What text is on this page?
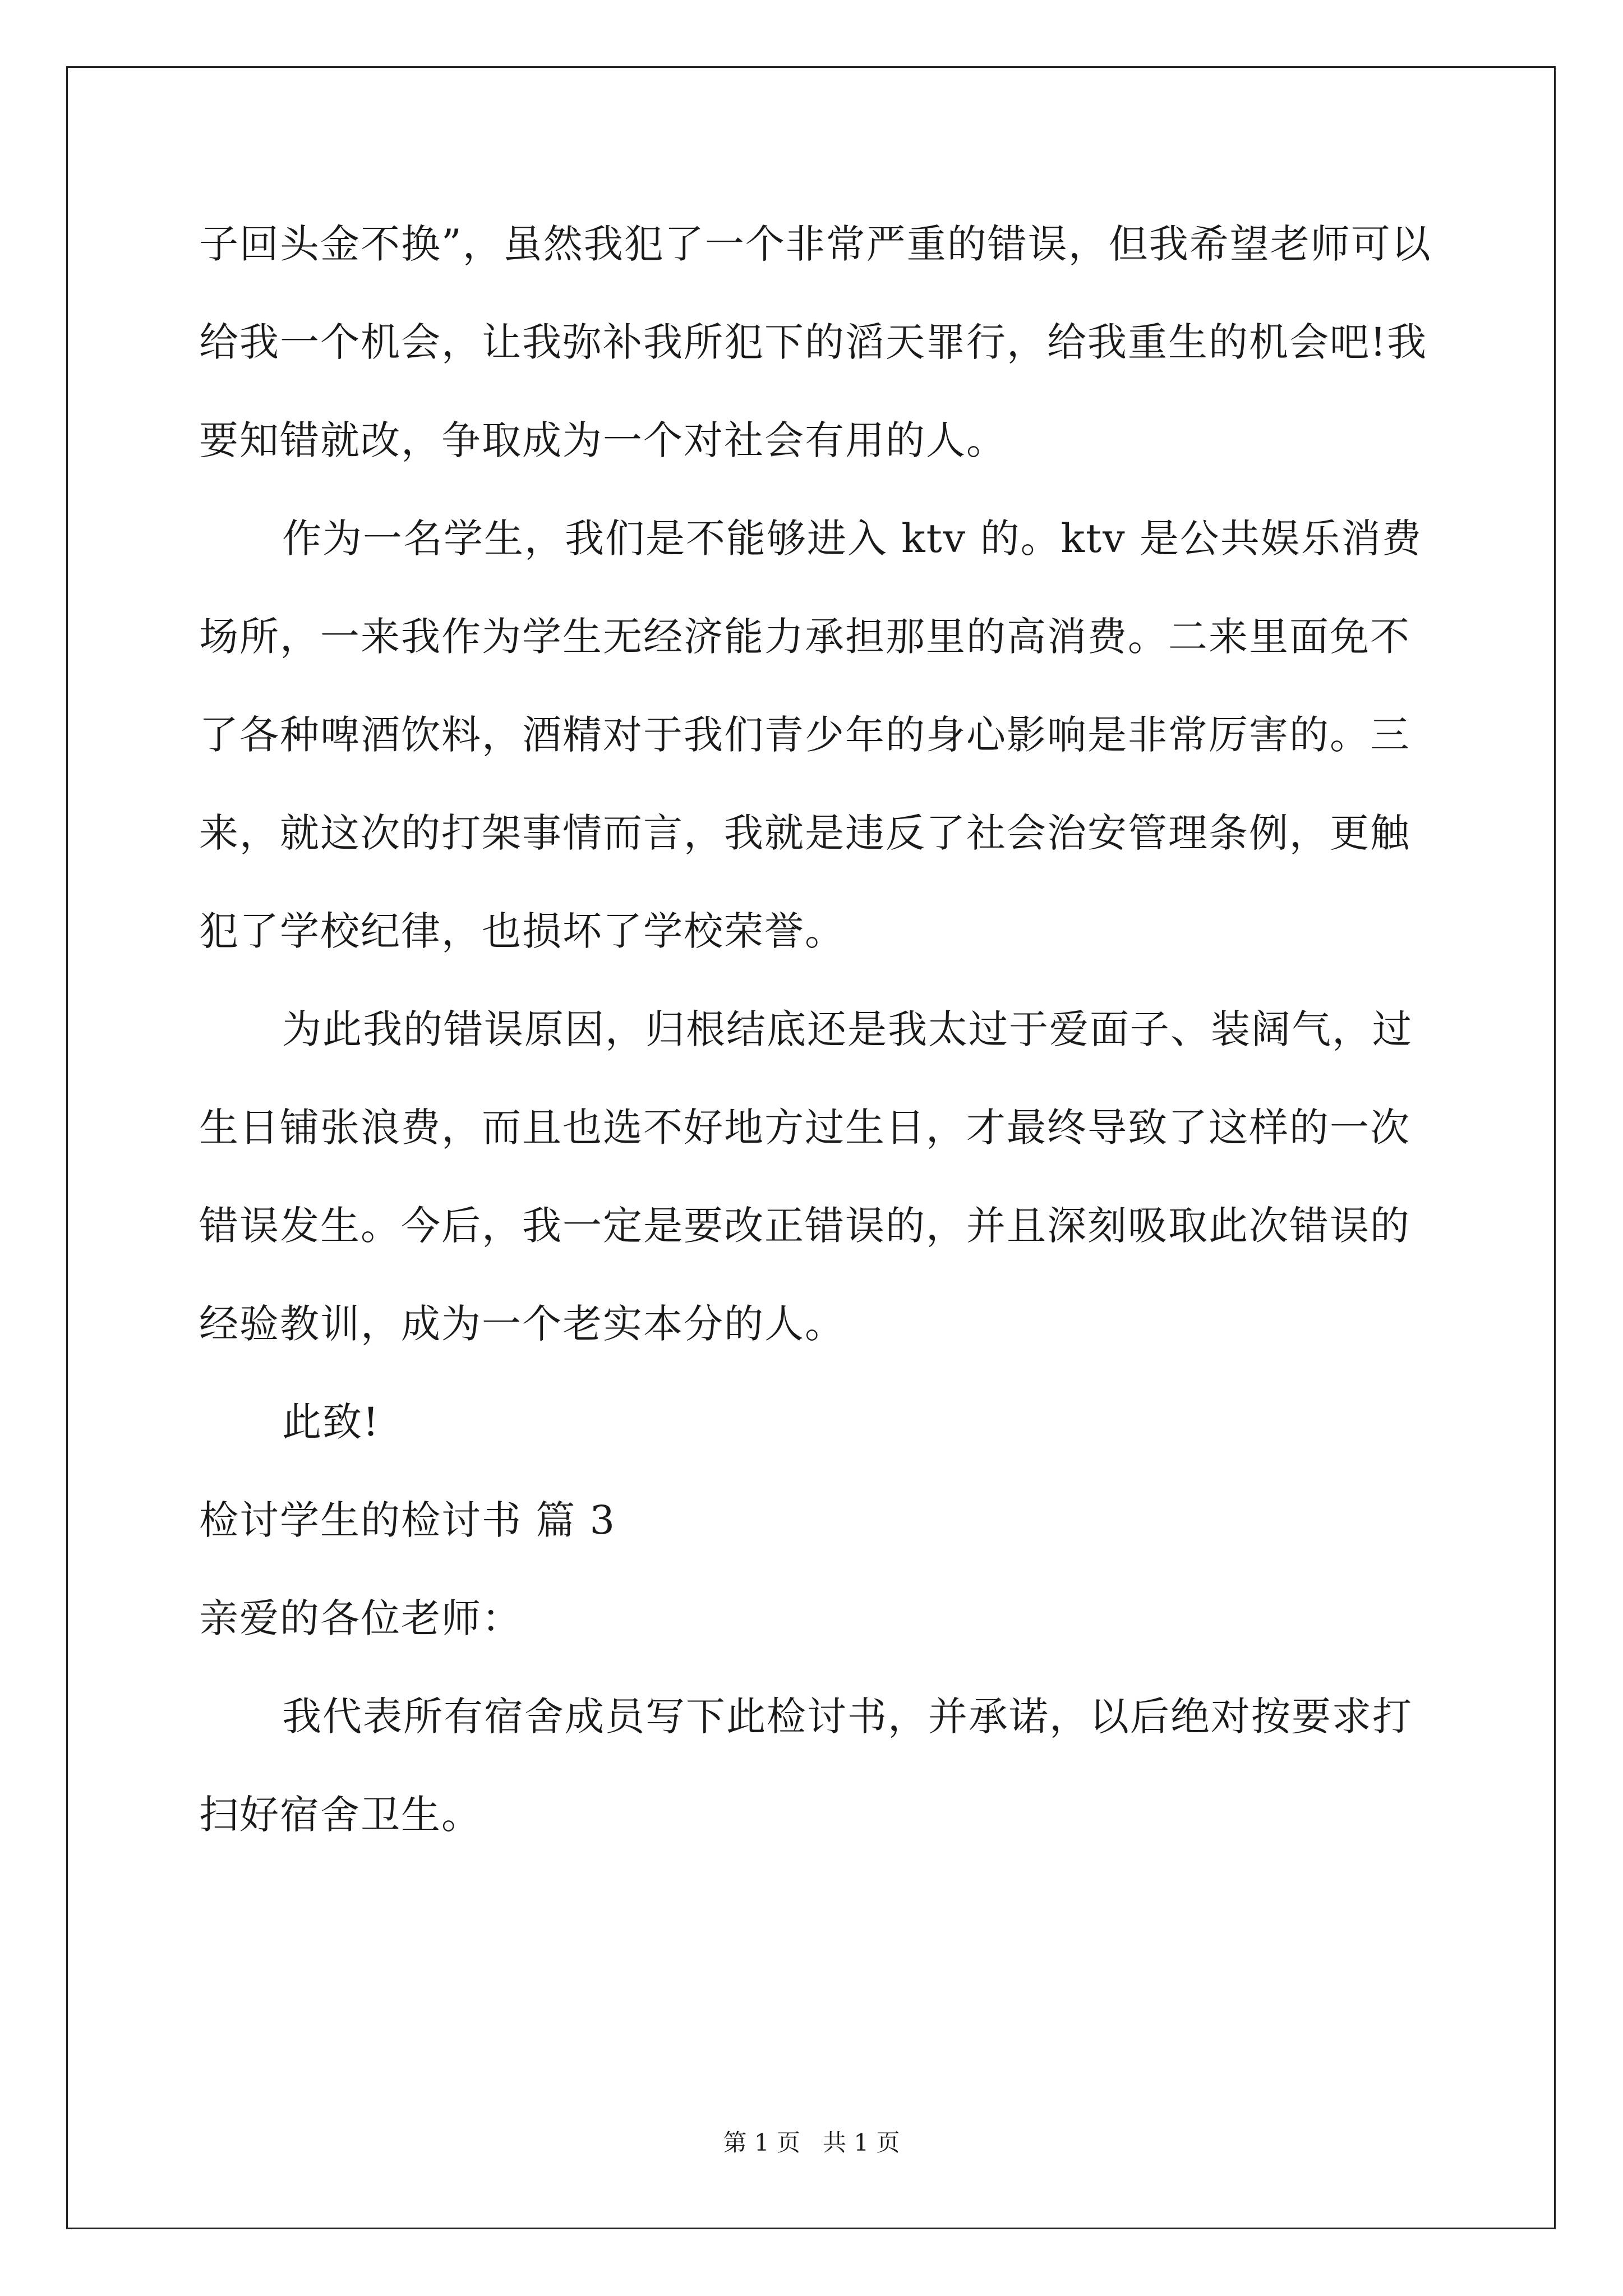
子回头金不换”，虽然我犯了一个非常严重的错误，但我希望老师可以
给我一个机会，让我弥补我所犯下的滔天罪行，给我重生的机会吧!我
要知错就改，争取成为一个对社会有用的人。
作为一名学生，我们是不能够进入 ktv 的。ktv 是公共娱乐消费
场所，一来我作为学生无经济能力承担那里的高消费。二来里面免不
了各种啤酒饮料，酒精对于我们青少年的身心影响是非常厉害的。三
来，就这次的打架事情而言，我就是违反了社会治安管理条例，更触
犯了学校纪律，也损坏了学校荣誉。
为此我的错误原因，归根结底还是我太过于爱面子、装阔气，过
生日铺张浪费，而且也选不好地方过生日，才最终导致了这样的一次
错误发生。今后，我一定是要改正错误的，并且深刻吸取此次错误的
经验教训，成为一个老实本分的人。
此致!
检讨学生的检讨书 篇 3
亲爱的各位老师：
我代表所有宿舍成员写下此检讨书，并承诺，以后绝对按要求打
扫好宿舍卫生。
第 1 页   共 1 页
